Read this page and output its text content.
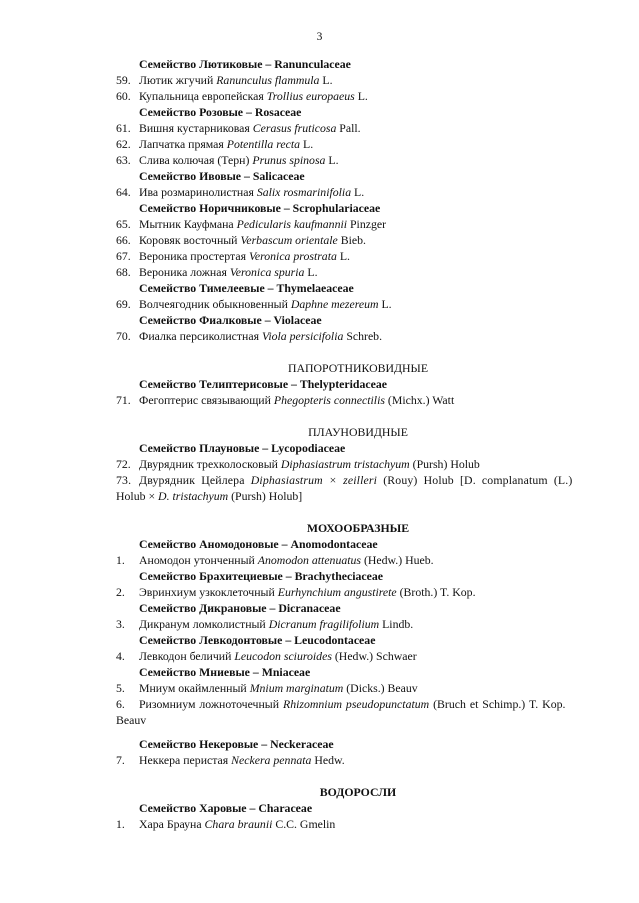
3
Семейство Лютиковые – Ranunculaceae
59. Лютик жгучий Ranunculus flammula L.
60. Купальница европейская Trollius europaeus L.
Семейство Розовые – Rosaceae
61. Вишня кустарниковая Cerasus fruticosa Pall.
62. Лапчатка прямая Potentilla recta L.
63. Слива колючая (Терн) Prunus spinosa L.
Семейство Ивовые – Salicaceae
64. Ива розмаринолистная Salix rosmarinifolia L.
Семейство Норичниковые – Scrophulariaceae
65. Мытник Кауфмана Pedicularis kaufmannii Pinzger
66. Коровяк восточный Verbascum orientale Bieb.
67. Вероника простертая Veronica prostrata L.
68. Вероника ложная Veronica spuria L.
Семейство Тимелеевые – Thymelaeaceae
69. Волчеягодник обыкновенный Daphne mezereum L.
Семейство Фиалковые – Violaceae
70. Фиалка персиколистная Viola persicifolia Schreb.
ПАПОРОТНИКОВИДНЫЕ
Семейство Телиптерисовые – Thelypteridaceae
71. Фегоптерис связывающий Phegopteris connectilis (Michx.) Watt
ПЛАУНОВИДНЫЕ
Семейство Плауновые – Lycopodiaceae
72. Двурядник трехколосковый Diphasiastrum tristachyum (Pursh) Holub
73. Двурядник Цейлера Diphasiastrum × zeilleri (Rouy) Holub [D. complanatum (L.)
Holub × D. tristachyum (Pursh) Holub]
МОХООБРАЗНЫЕ
Семейство Аномодоновые – Anomodontaceae
1. Аномодон утонченный Anomodon attenuatus (Hedw.) Hueb.
Семейство Брахитециевые – Brachytheciaceae
2. Эвринхиум узкоклеточный Eurhynchium angustirete (Broth.) T. Kop.
Семейство Дикрановые – Dicranaceae
3. Дикранум ломколистный Dicranum fragilifolium Lindb.
Семейство Левкодонтовые – Leucodontaceae
4. Левкодон беличий Leucodon sciuroides (Hedw.) Schwaer
Семейство Мниевые – Mniaceae
5. Мниум окаймленный Mnium marginatum (Dicks.) Beauv
6. Ризомниум ложноточечный Rhizomnium pseudopunctatum (Bruch et Schimp.) T. Kop.
Beauv
Семейство Некеровые – Neckeraceae
7. Неккера перистая Neckera pennata Hedw.
ВОДОРОСЛИ
Семейство Харовые – Characeae
1. Хара Брауна Chara braunii C.C. Gmelin
